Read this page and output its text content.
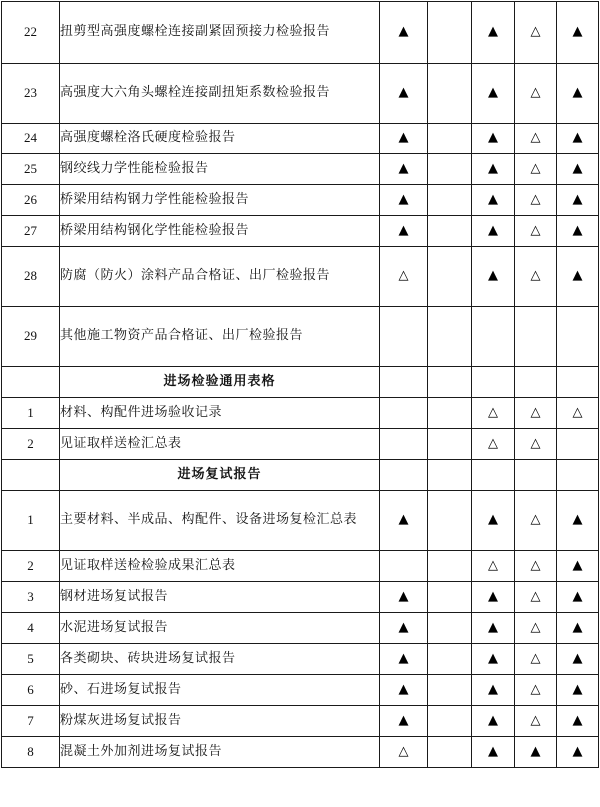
22	扭剪型高强度螺栓连接副紧固预接力检验报告	▲		▲	△	▲
23	高强度大六角头螺栓连接副扭矩系数检验报告	▲		▲	△	▲
24	高强度螺栓洛氏硬度检验报告	▲		▲	△	▲
25	钢绞线力学性能检验报告	▲		▲	△	▲
26	桥梁用结构钢力学性能检验报告	▲		▲	△	▲
27	桥梁用结构钢化学性能检验报告	▲		▲	△	▲
28	防腐（防火）涂料产品合格证、出厂检验报告	△		▲	△	▲
29	其他施工物资产品合格证、出厂检验报告					
	进场检验通用表格					
1	材料、构配件进场验收记录			△	△	△
2	见证取样送检汇总表			△	△	
	进场复试报告					
1	主要材料、半成品、构配件、设备进场复检汇总表	▲		▲	△	▲
2	见证取样送检检验成果汇总表			△	△	▲
3	钢材进场复试报告	▲		▲	△	▲
4	水泥进场复试报告	▲		▲	△	▲
5	各类砌块、砖块进场复试报告	▲		▲	△	▲
6	砂、石进场复试报告	▲		▲	△	▲
7	粉煤灰进场复试报告	▲		▲	△	▲
8	混凝土外加剂进场复试报告	△		▲	▲	▲
